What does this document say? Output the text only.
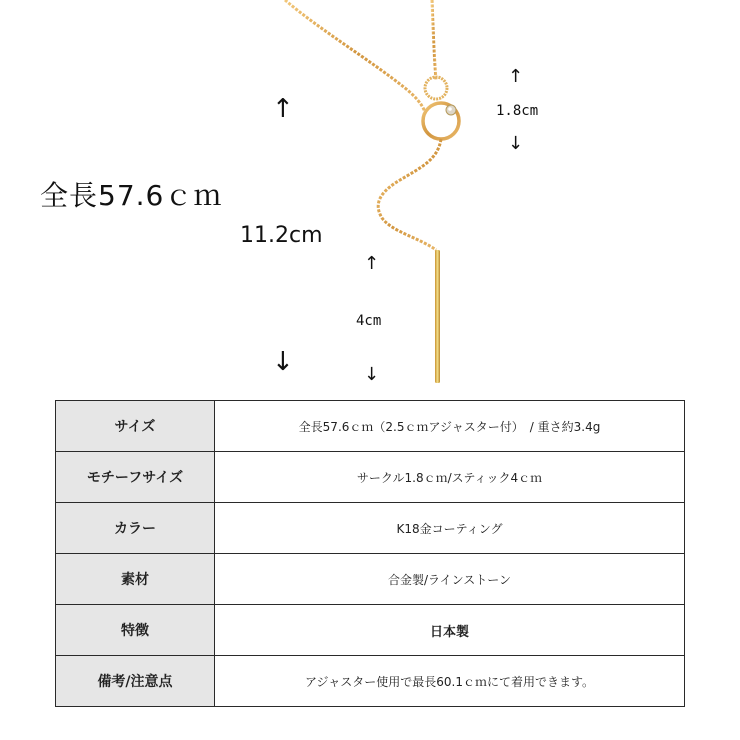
全長57.6ｃｍ
11.2cm
1.8cm
4cm
↑
↓
↑
↓
↑
↓
サイズ	全長57.6ｃｍ（2.5ｃｍアジャスター付）　/ 重さ約3.4g
モチーフサイズ	サークル1.8ｃｍ/スティック4ｃｍ
カラー	K18金コーティング
素材	合金製/ラインストーン
特徴	日本製
備考/注意点	アジャスター使用で最長60.1ｃｍにて着用できます。
